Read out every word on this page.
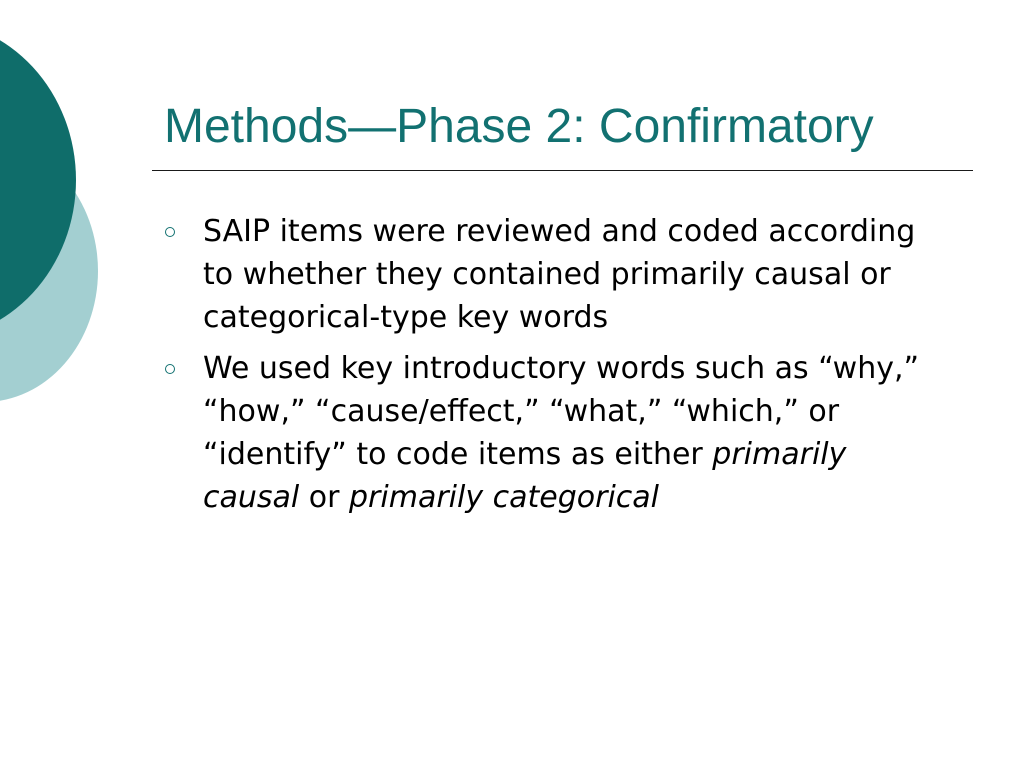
Methods—Phase 2: Confirmatory
SAIP items were reviewed and coded according to whether they contained primarily causal or categorical-type key words
We used key introductory words such as “why,” “how,” “cause/effect,” “what,” “which,” or “identify” to code items as either primarily causal or primarily categorical
